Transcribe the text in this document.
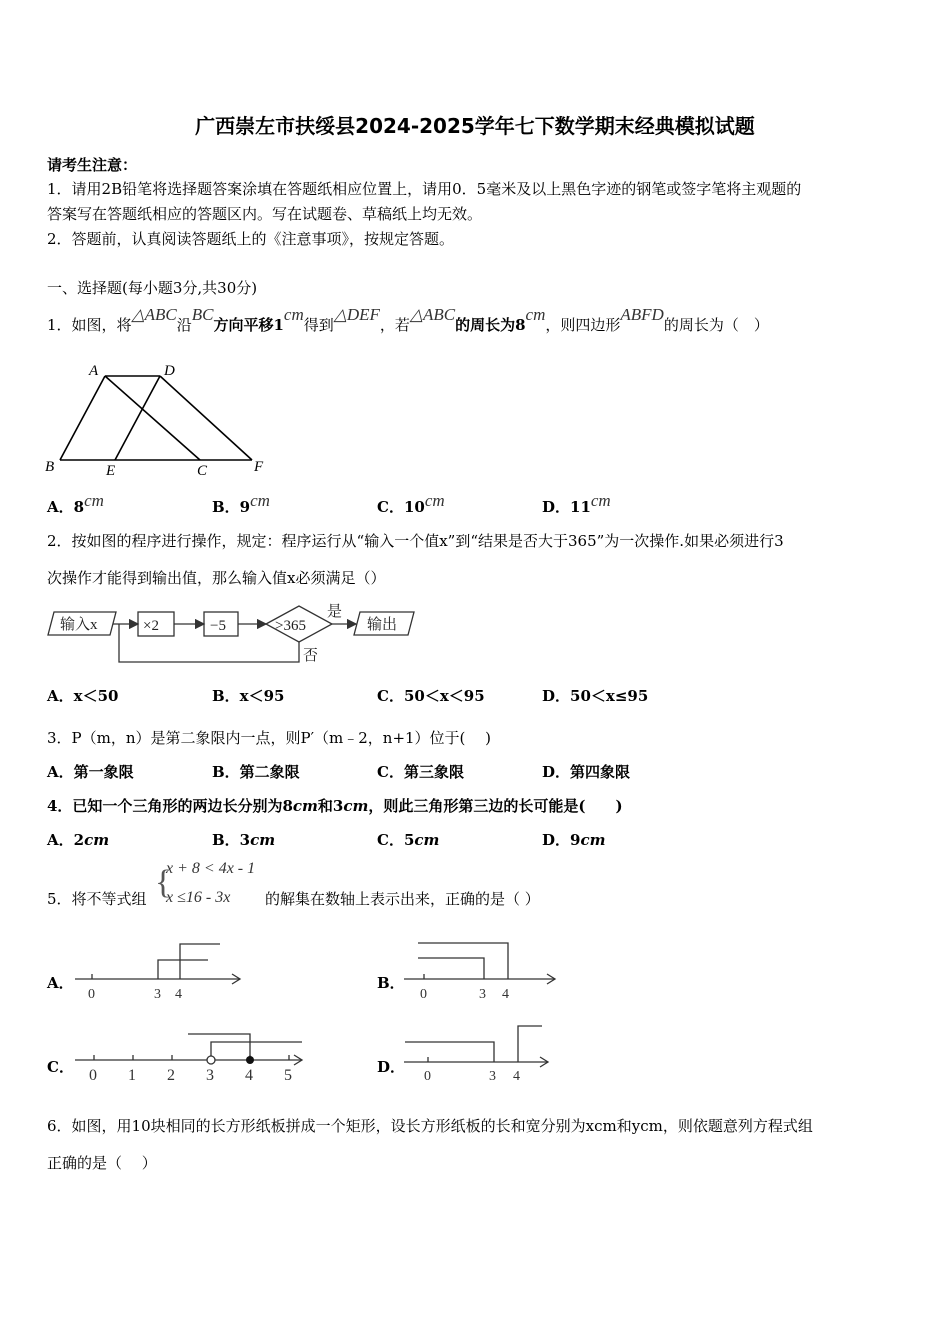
广西崇左市扶绥县2024-2025学年七下数学期末经典模拟试题
请考生注意：
1．请用2B铅笔将选择题答案涂填在答题纸相应位置上，请用0．5毫米及以上黑色字迹的钢笔或签字笔将主观题的
答案写在答题纸相应的答题区内。写在试题卷、草稿纸上均无效。
2．答题前，认真阅读答题纸上的《注意事项》，按规定答题。
一、选择题(每小题3分,共30分)
1．如图，将△ABC沿BC方向平移1cm得到△DEF，若△ABC的周长为8cm，则四边形ABFD的周长为（　）
A	D
B	E	C	F
A．8cm	B．9cm	C．10cm	D．11cm
2．按如图的程序进行操作，规定：程序运行从“输入一个值x”到“结果是否大于365”为一次操作.如果必须进行3
次操作才能得到输出值，那么输入值x必须满足（）
输入x	×2	−5	>365
是
输出
否
A．x＜50	B．x＜95	C．50＜x＜95	D．50＜x≤95
3．P（m，n）是第二象限内一点，则P′（m﹣2，n+1）位于(　 )
A．第一象限	B．第二象限	C．第三象限	D．第四象限
4．已知一个三角形的两边长分别为8cm和3cm，则此三角形第三边的长可能是(　　)
A．2cm	B．3cm	C．5cm	D．9cm
5．将不等式组 {
x + 8 < 4x - 1
x ≤16 - 3x 的解集在数轴上表示出来，正确的是（ ）
A．
0	3 4
B．
0	3 4
C． 0 1 2 3 4 5	D．
0	3 4
6．如图，用10块相同的长方形纸板拼成一个矩形，设长方形纸板的长和宽分别为xcm和ycm，则依题意列方程式组
正确的是（　 ）
